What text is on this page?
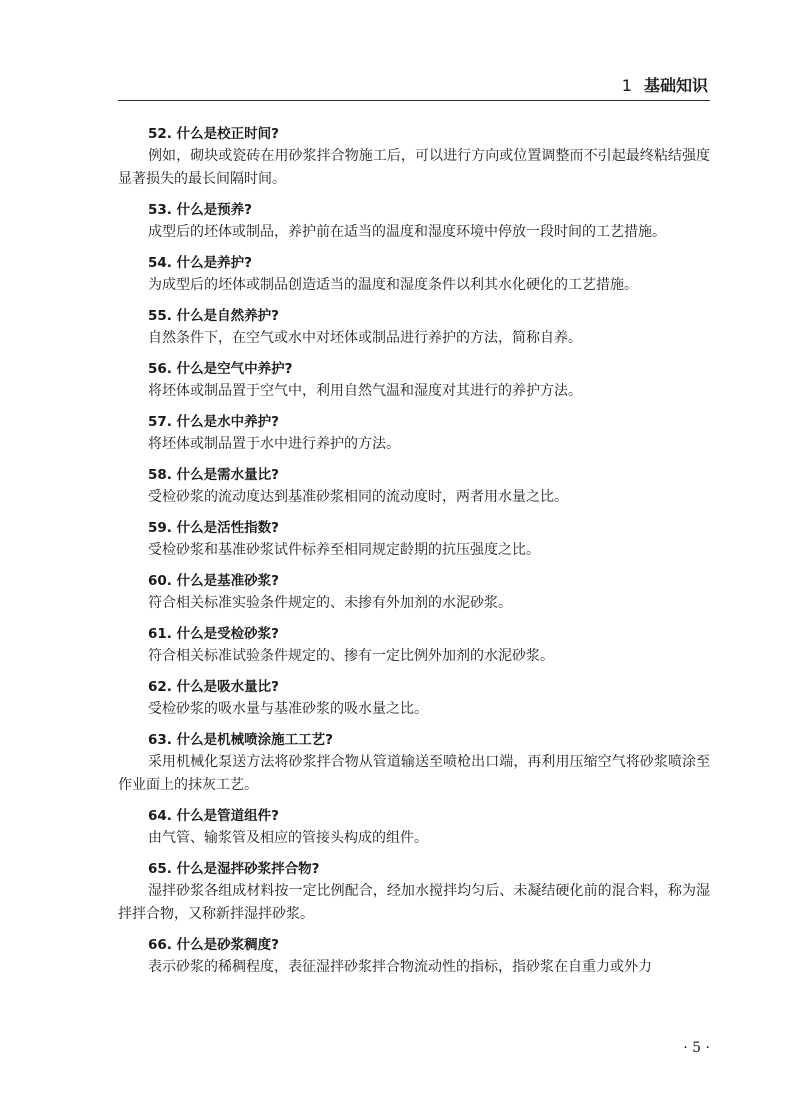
1 基础知识
52. 什么是校正时间?
例如，砌块或瓷砖在用砂浆拌合物施工后，可以进行方向或位置调整而不引起最终粘结强度显著损失的最长间隔时间。
53. 什么是预养?
成型后的坯体或制品，养护前在适当的温度和湿度环境中停放一段时间的工艺措施。
54. 什么是养护?
为成型后的坯体或制品创造适当的温度和湿度条件以利其水化硬化的工艺措施。
55. 什么是自然养护?
自然条件下，在空气或水中对坯体或制品进行养护的方法，简称自养。
56. 什么是空气中养护?
将坯体或制品置于空气中，利用自然气温和湿度对其进行的养护方法。
57. 什么是水中养护?
将坯体或制品置于水中进行养护的方法。
58. 什么是需水量比?
受检砂浆的流动度达到基准砂浆相同的流动度时，两者用水量之比。
59. 什么是活性指数?
受检砂浆和基准砂浆试件标养至相同规定龄期的抗压强度之比。
60. 什么是基准砂浆?
符合相关标准实验条件规定的、未掺有外加剂的水泥砂浆。
61. 什么是受检砂浆?
符合相关标准试验条件规定的、掺有一定比例外加剂的水泥砂浆。
62. 什么是吸水量比?
受检砂浆的吸水量与基准砂浆的吸水量之比。
63. 什么是机械喷涂施工工艺?
采用机械化泵送方法将砂浆拌合物从管道输送至喷枪出口端，再利用压缩空气将砂浆喷涂至作业面上的抹灰工艺。
64. 什么是管道组件?
由气管、输浆管及相应的管接头构成的组件。
65. 什么是湿拌砂浆拌合物?
湿拌砂浆各组成材料按一定比例配合，经加水搅拌均匀后、未凝结硬化前的混合料，称为湿拌拌合物，又称新拌湿拌砂浆。
66. 什么是砂浆稠度?
表示砂浆的稀稠程度，表征湿拌砂浆拌合物流动性的指标，指砂浆在自重力或外力
· 5 ·
